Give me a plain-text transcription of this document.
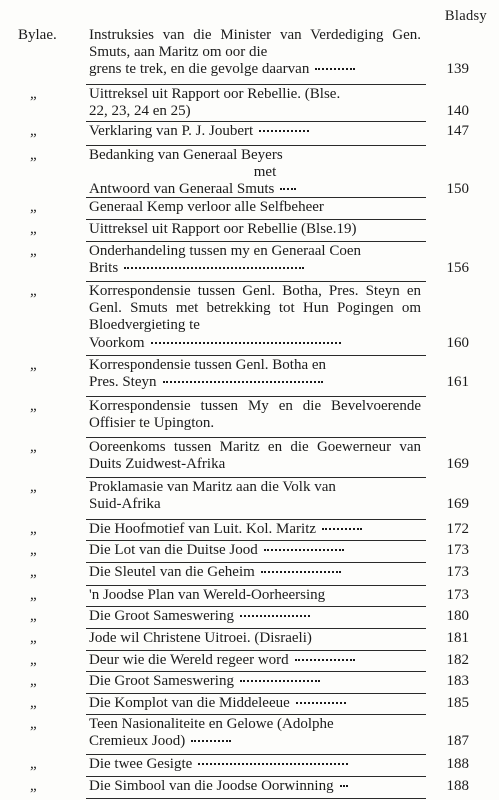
Bladsy
Bylae.	Instruksies van die Minister van Verdediging Gen. Smuts, aan Maritz om oor die
grens te trek, en die gevolge daarvan	139
„	Uittreksel uit Rapport oor Rebellie. (Blse.
22, 23, 24 en 25)	140
„	Verklaring van P. J. Joubert	147
„	Bedanking van Generaal Beyers
met
Antwoord van Generaal Smuts	150
„	Generaal Kemp verloor alle Selfbeheer
„	Uittreksel uit Rapport oor Rebellie (Blse.19)
„	Onderhandeling tussen my en Generaal Coen
Brits	156
„	Korrespondensie tussen Genl. Botha, Pres. Steyn en Genl. Smuts met betrekking tot Hun Pogingen om Bloedvergieting te
Voorkom	160
„	Korrespondensie tussen Genl. Botha en
Pres. Steyn	161
„	Korrespondensie tussen My en die Bevelvoerende Offisier te Upington.
„	Ooreenkoms tussen Maritz en die Goewerneur van Duits Zuidwest-Afrika	169
„	Proklamasie van Maritz aan die Volk van
Suid-Afrika	169
„	Die Hoofmotief van Luit. Kol. Maritz	172
„	Die Lot van die Duitse Jood	173
„	Die Sleutel van die Geheim	173
„	'n Joodse Plan van Wereld-Oorheersing	173
„	Die Groot Sameswering	180
„	Jode wil Christene Uitroei. (Disraeli)	181
„	Deur wie die Wereld regeer word	182
„	Die Groot Sameswering	183
„	Die Komplot van die Middeleeue	185
„	Teen Nasionaliteite en Gelowe (Adolphe
Cremieux Jood)	187
„	Die twee Gesigte	188
„	Die Simbool van die Joodse Oorwinning	188
